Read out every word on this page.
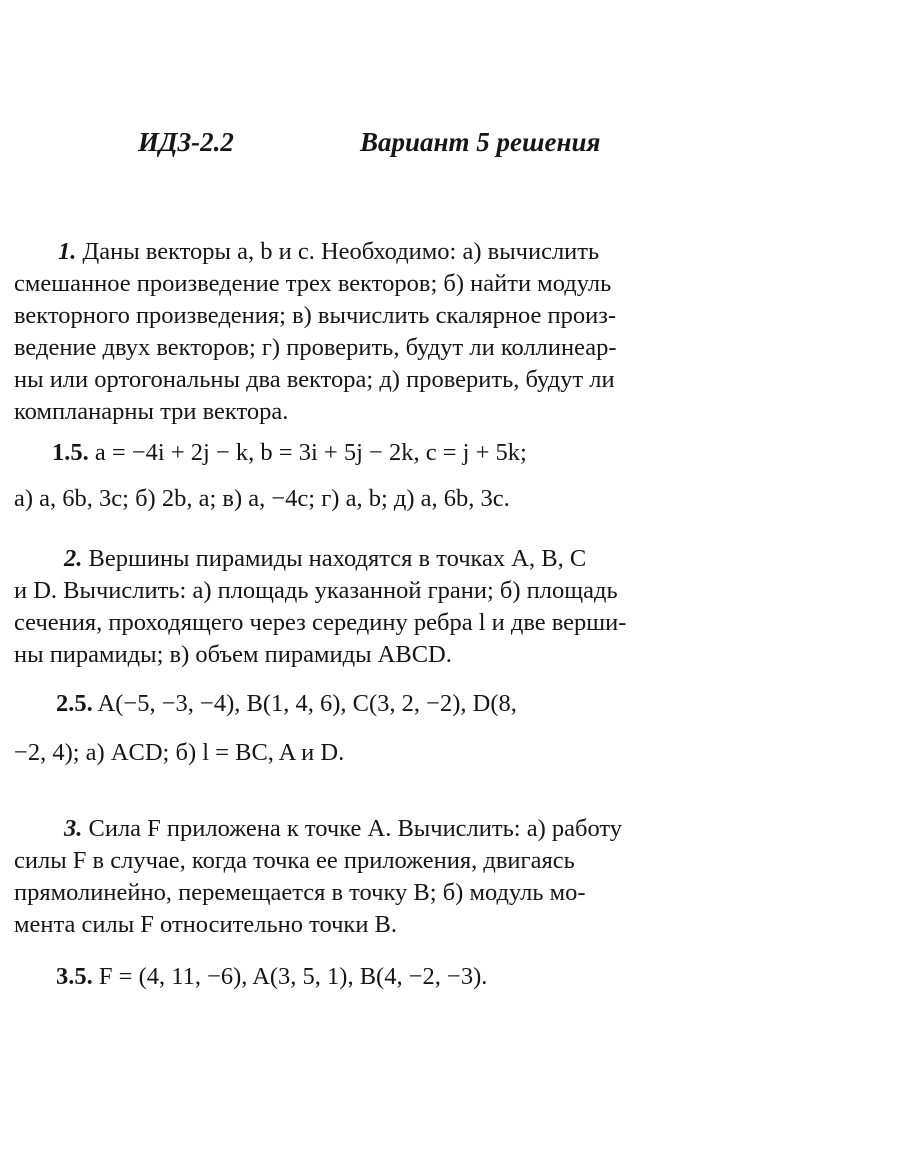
ИДЗ-2.2	Вариант 5 решения
1. Даны векторы a, b и c. Необходимо: а) вычислить
смешанное произведение трех векторов; б) найти модуль
векторного произведения; в) вычислить скалярное произ-
ведение двух векторов; г) проверить, будут ли коллинеар-
ны или ортогональны два вектора; д) проверить, будут ли
компланарны три вектора.
1.5. a = −4i + 2j − k, b = 3i + 5j − 2k, c = j + 5k;
а) a, 6b, 3c; б) 2b, a; в) a, −4c; г) a, b; д) a, 6b, 3c.
2. Вершины пирамиды находятся в точках A, B, C
и D. Вычислить: а) площадь указанной грани; б) площадь
сечения, проходящего через середину ребра l и две верши-
ны пирамиды; в) объем пирамиды ABCD.
2.5. A(−5, −3, −4), B(1, 4, 6), C(3, 2, −2), D(8,
−2, 4); а) ACD; б) l = BC, A и D.
3. Сила F приложена к точке A. Вычислить: а) работу
силы F в случае, когда точка ее приложения, двигаясь
прямолинейно, перемещается в точку B; б) модуль мо-
мента силы F относительно точки B.
3.5. F = (4, 11, −6), A(3, 5, 1), B(4, −2, −3).
